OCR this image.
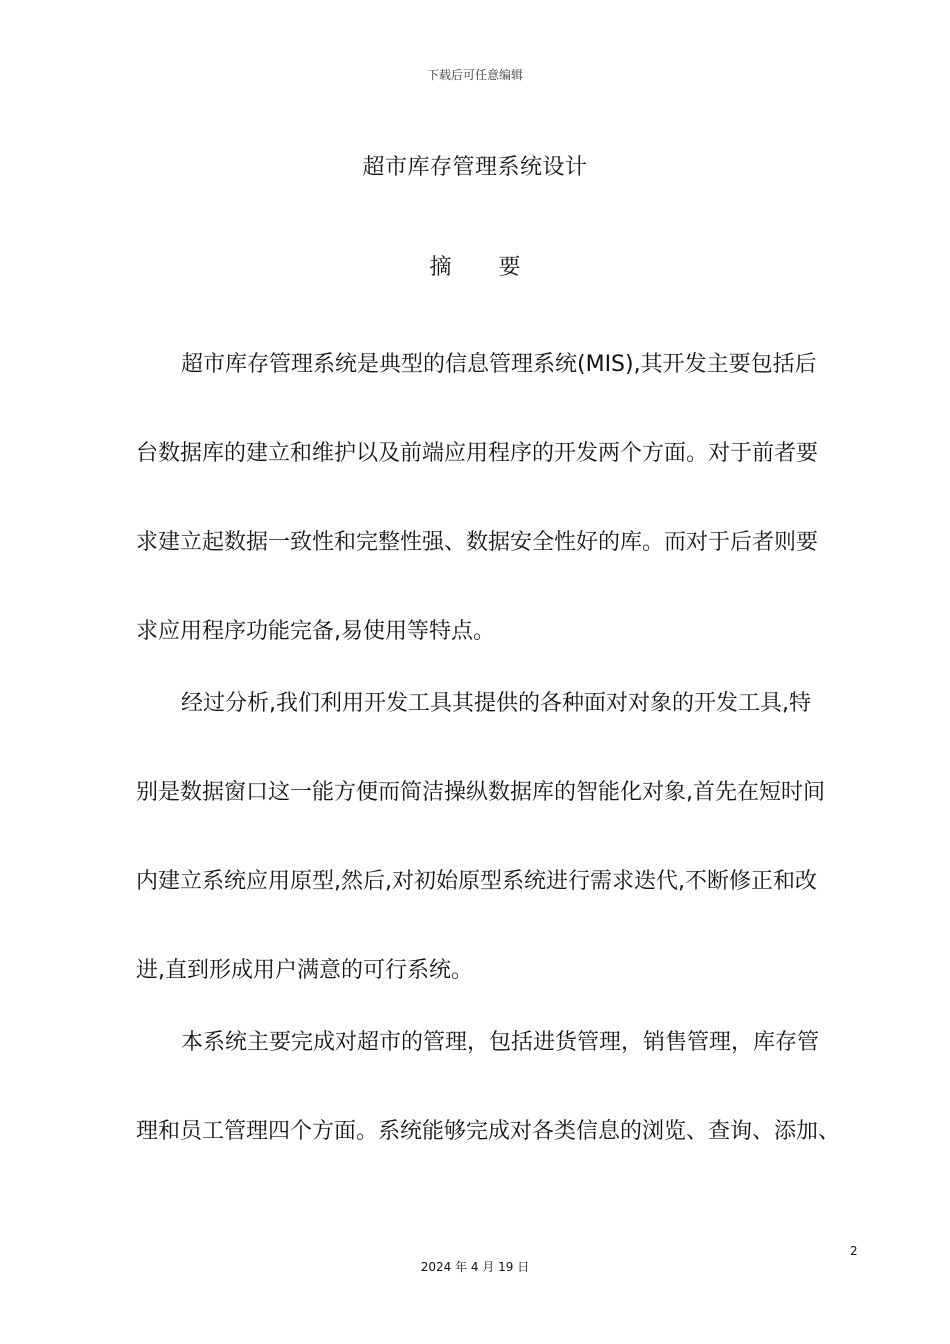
下载后可任意编辑
超市库存管理系统设计
摘 要
超市库存管理系统是典型的信息管理系统(MIS),其开发主要包括后
台数据库的建立和维护以及前端应用程序的开发两个方面。对于前者要
求建立起数据一致性和完整性强、数据安全性好的库。而对于后者则要
求应用程序功能完备,易使用等特点。
经过分析,我们利用开发工具其提供的各种面对对象的开发工具,特
别是数据窗口这一能方便而简洁操纵数据库的智能化对象,首先在短时间
内建立系统应用原型,然后,对初始原型系统进行需求迭代,不断修正和改
进,直到形成用户满意的可行系统。
本系统主要完成对超市的管理，包括进货管理，销售管理，库存管
理和员工管理四个方面。系统能够完成对各类信息的浏览、查询、添加、
2
2024 年 4 月 19 日
